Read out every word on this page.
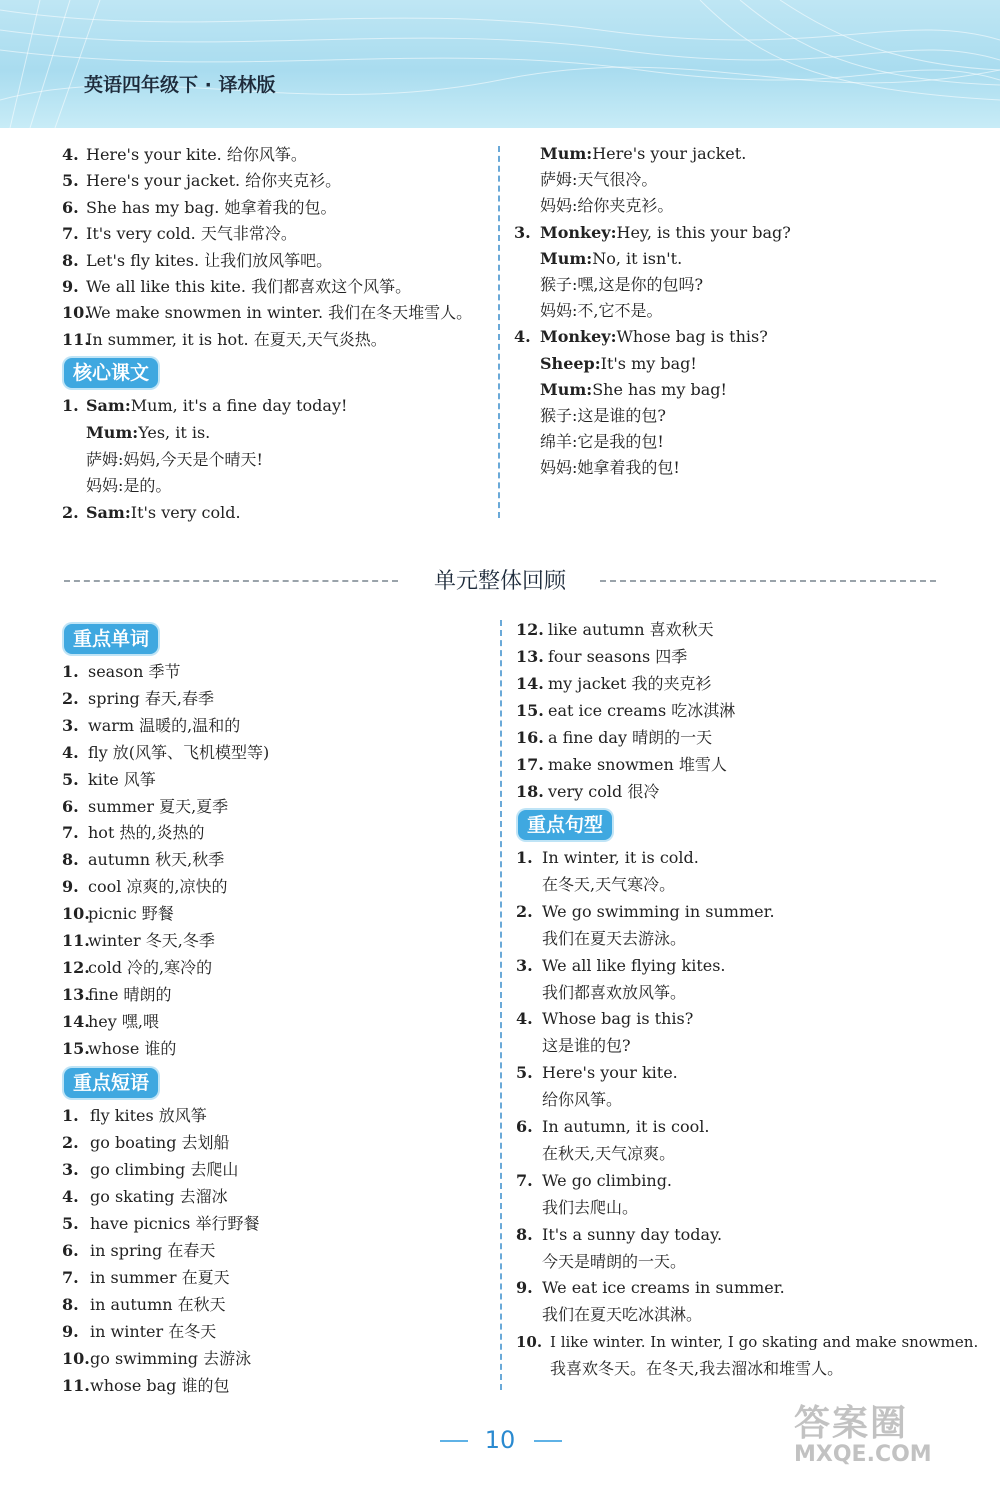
英语四年级下 · 译林版
4. Here's your kite. 给你风筝。
5. Here's your jacket. 给你夹克衫。
6. She has my bag. 她拿着我的包。
7. It's very cold. 天气非常冷。
8. Let's fly kites. 让我们放风筝吧。
9. We all like this kite. 我们都喜欢这个风筝。
10.We make snowmen in winter. 我们在冬天堆雪人。
11.In summer, it is hot. 在夏天,天气炎热。
核心课文
1. Sam:Mum, it's a fine day today!
Mum:Yes, it is.
萨姆:妈妈,今天是个晴天!
妈妈:是的。
2. Sam:It's very cold.
Mum:Here's your jacket.
萨姆:天气很冷。
妈妈:给你夹克衫。
3. Monkey:Hey, is this your bag?
Mum:No, it isn't.
猴子:嘿,这是你的包吗?
妈妈:不,它不是。
4. Monkey:Whose bag is this?
Sheep:It's my bag!
Mum:She has my bag!
猴子:这是谁的包?
绵羊:它是我的包!
妈妈:她拿着我的包!
单元整体回顾
重点单词
1. season 季节
2. spring 春天,春季
3. warm 温暖的,温和的
4. fly 放(风筝、飞机模型等)
5. kite 风筝
6. summer 夏天,夏季
7. hot 热的,炎热的
8. autumn 秋天,秋季
9. cool 凉爽的,凉快的
10.picnic 野餐
11.winter 冬天,冬季
12.cold 冷的,寒冷的
13.fine 晴朗的
14.hey 嘿,喂
15.whose 谁的
重点短语
1. fly kites 放风筝
2. go boating 去划船
3. go climbing 去爬山
4. go skating 去溜冰
5. have picnics 举行野餐
6. in spring 在春天
7. in summer 在夏天
8. in autumn 在秋天
9. in winter 在冬天
10.go swimming 去游泳
11.whose bag 谁的包
12. like autumn 喜欢秋天
13. four seasons 四季
14. my jacket 我的夹克衫
15. eat ice creams 吃冰淇淋
16. a fine day 晴朗的一天
17. make snowmen 堆雪人
18. very cold 很冷
重点句型
1. In winter, it is cold.
在冬天,天气寒冷。
2. We go swimming in summer.
我们在夏天去游泳。
3. We all like flying kites.
我们都喜欢放风筝。
4. Whose bag is this?
这是谁的包?
5. Here's your kite.
给你风筝。
6. In autumn, it is cool.
在秋天,天气凉爽。
7. We go climbing.
我们去爬山。
8. It's a sunny day today.
今天是晴朗的一天。
9. We eat ice creams in summer.
我们在夏天吃冰淇淋。
10. I like winter. In winter, I go skating and make snowmen.
我喜欢冬天。在冬天,我去溜冰和堆雪人。
10	答案圈
MXQE.COM
